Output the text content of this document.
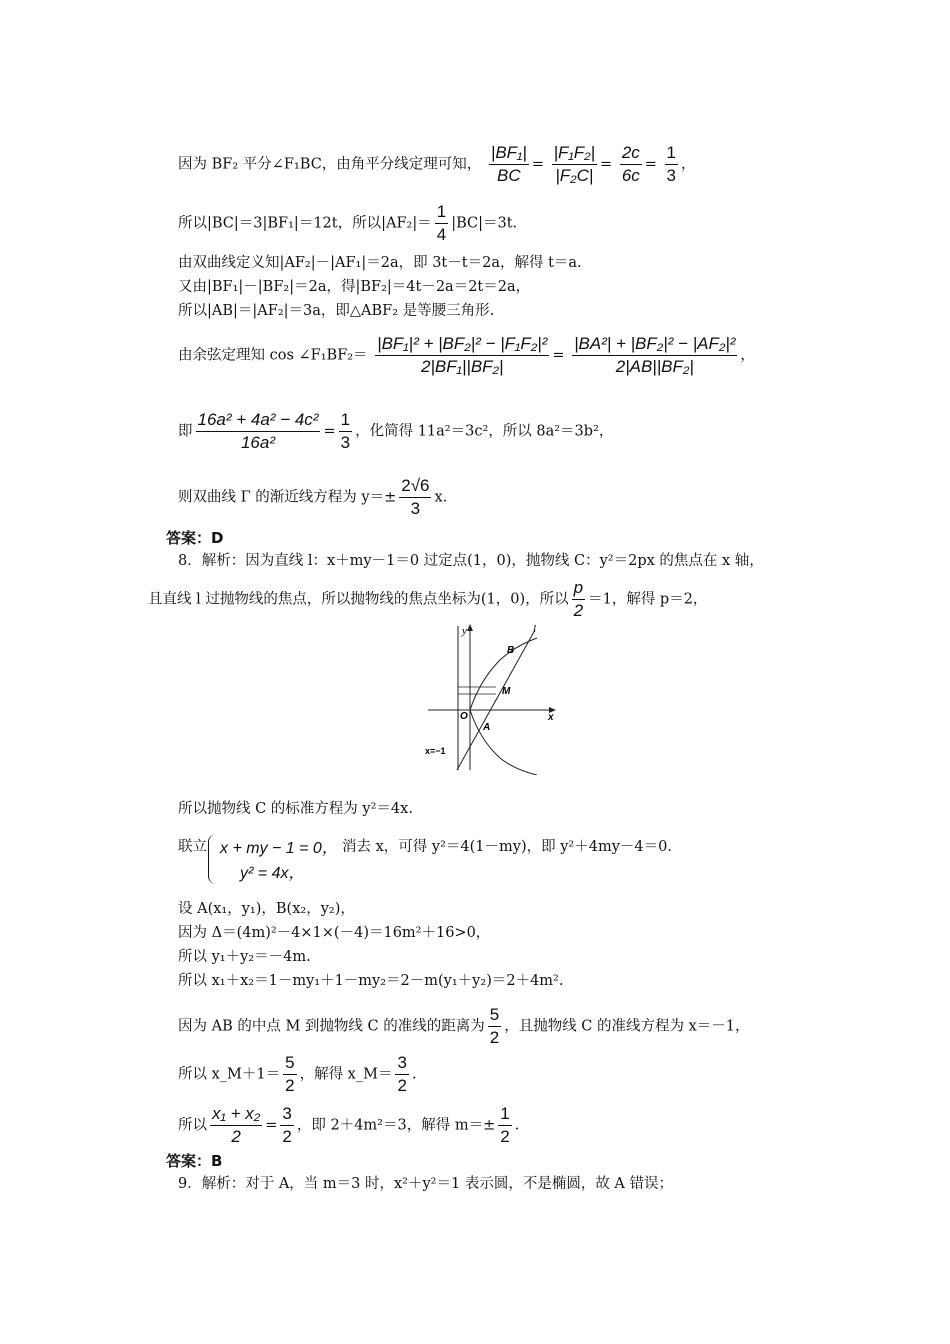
因为 BF₂ 平分∠F₁BC，由角平分线定理可知， $\frac{\text{|BF₁|}}{BC} = \frac{\text{|F₁F₂|}}{\text{|F₂C|}} = \frac{2c}{6c} = \frac{1}{3}$ ，
所以|BC|＝3|BF₁|＝12t，所以$|AF_2|= \frac{1}{4} |BC|=3t$.
由双曲线定义知|AF₂|－|AF₁|＝2a，即 3t－t＝2a，解得 t＝a.
又由|BF₁|－|BF₂|＝2a，得|BF₂|＝4t－2a＝2t＝2a，
所以|AB|＝|AF₂|＝3a，即△ABF₂ 是等腰三角形.
由余弦定理知 cos ∠F₁BF₂＝ $\frac{\text{|BF₁|² + |BF₂|² − |F₁F₂|²}}{\text{2|BF₁||BF₂|}} = \frac{\text{|BA²| + |BF₂|² − |AF₂|²}}{\text{2|AB||BF₂|}}$ ，
即 $\frac{\text{16a² + 4a² − 4c²}}{\text{16a²}} = \frac{1}{3}$ ，化简得 11a²＝3c²，所以 8a²＝3b²，
则双曲线 Γ 的渐近线方程为 $y=\pm \frac{2√6}{3} x$.
答案：D
8．解析：因为直线 l：x＋my－1＝0 过定点(1，0)，抛物线 C：y²＝2px 的焦点在 x 轴，
且直线 l 过抛物线的焦点，所以抛物线的焦点坐标为(1，0)，所以 $\frac{p}{2} =1$，解得 p＝2，
y	l
B
M
O	x
A
x=−1
所以抛物线 C 的标准方程为 y²＝4x.
联立 x + my − 1 = 0，
y² = 4x，
消去 x，可得 y²＝4(1－my)，即 y²＋4my－4＝0.
设 A(x₁，y₁)，B(x₂，y₂)，
因为 Δ＝(4m)²－4×1×(－4)＝16m²＋16>0，
所以 y₁＋y₂＝－4m.
所以 x₁＋x₂＝1－my₁＋1－my₂＝2－m(y₁＋y₂)＝2＋4m².
因为 AB 的中点 M 到抛物线 C 的准线的距离为 $\frac{5}{2}$ ，且抛物线 C 的准线方程为 x＝－1，
所以 x_M＋1＝ $\frac{5}{2}$ ，解得 x_M＝ $\frac{3}{2}$ .
所以 $\frac{\text{x₁ + x₂}}{2} = \frac{3}{2}$ ，即 2＋4m²＝3，解得 $m=\pm \frac{1}{2}$ .
答案：B
9．解析：对于 A，当 m＝3 时，x²＋y²＝1 表示圆，不是椭圆，故 A 错误；
